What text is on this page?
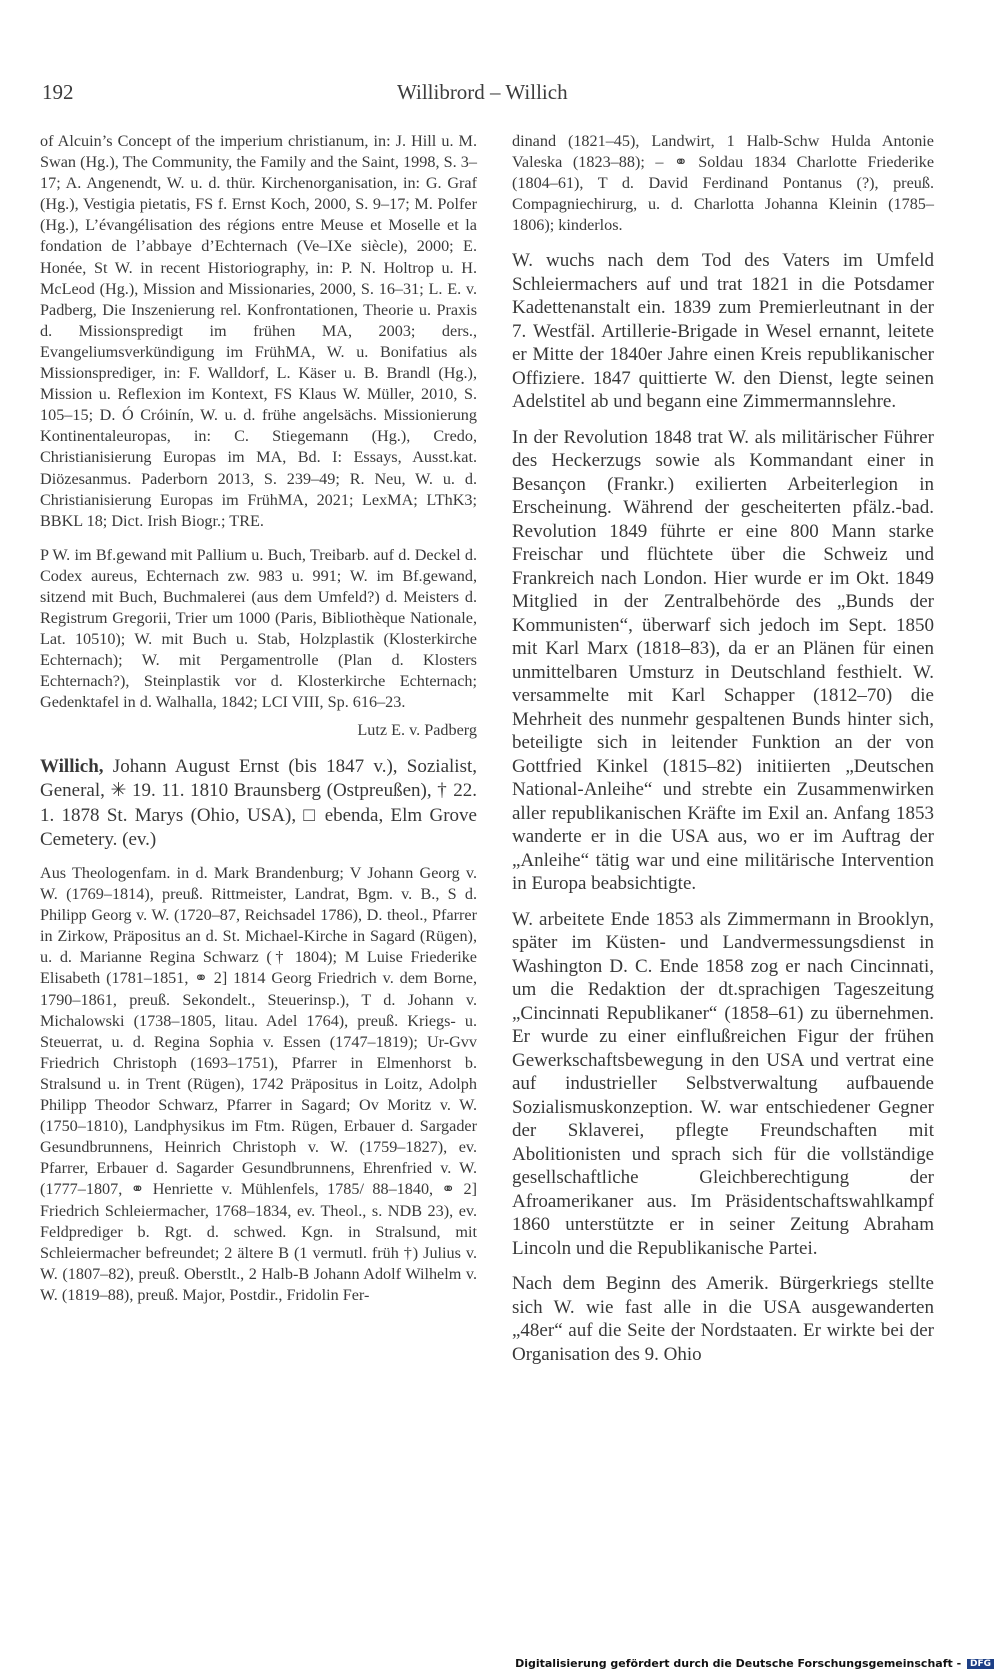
192	Willibrord – Willich

of Alcuin’s Concept of the imperium christianum, in: J. Hill u. M. Swan (Hg.), The Community, the Family and the Saint, 1998, S. 3–17; A. Angenendt, W. u. d. thür. Kirchenorganisation, in: G. Graf (Hg.), Vestigia pietatis, FS f. Ernst Koch, 2000, S. 9–17; M. Polfer (Hg.), L’évangélisation des régions entre Meuse et Moselle et la fondation de l’abbaye d’Echternach (Ve–IXe siècle), 2000; E. Honée, St W. in recent Historiography, in: P. N. Holtrop u. H. McLeod (Hg.), Mission and Missionaries, 2000, S. 16–31; L. E. v. Padberg, Die Inszenierung rel. Konfrontationen, Theorie u. Praxis d. Missionspredigt im frühen MA, 2003; ders., Evangeliumsverkündigung im FrühMA, W. u. Bonifatius als Missionsprediger, in: F. Walldorf, L. Käser u. B. Brandl (Hg.), Mission u. Reflexion im Kontext, FS Klaus W. Müller, 2010, S. 105–15; D. Ó Cróinín, W. u. d. frühe angelsächs. Missionierung Kontinentaleuropas, in: C. Stiegemann (Hg.), Credo, Christianisierung Europas im MA, Bd. I: Essays, Ausst.kat. Diözesanmus. Paderborn 2013, S. 239–49; R. Neu, W. u. d. Christianisierung Europas im FrühMA, 2021; LexMA; LThK3; BBKL 18; Dict. Irish Biogr.; TRE.

P W. im Bf.gewand mit Pallium u. Buch, Treibarb. auf d. Deckel d. Codex aureus, Echternach zw. 983 u. 991; W. im Bf.gewand, sitzend mit Buch, Buchmalerei (aus dem Umfeld?) d. Meisters d. Registrum Gregorii, Trier um 1000 (Paris, Bibliothèque Nationale, Lat. 10510); W. mit Buch u. Stab, Holzplastik (Klosterkirche Echternach); W. mit Pergamentrolle (Plan d. Klosters Echternach?), Steinplastik vor d. Klosterkirche Echternach; Gedenktafel in d. Walhalla, 1842; LCI VIII, Sp. 616–23.

Lutz E. v. Padberg

Willich, Johann August Ernst (bis 1847 v.), Sozialist, General, ✳ 19. 11. 1810 Braunsberg (Ostpreußen), † 22. 1. 1878 St. Marys (Ohio, USA), □ ebenda, Elm Grove Cemetery. (ev.)

Aus Theologenfam. in d. Mark Brandenburg; V Johann Georg v. W. (1769–1814), preuß. Rittmeister, Landrat, Bgm. v. B., S d. Philipp Georg v. W. (1720–87, Reichsadel 1786), D. theol., Pfarrer in Zirkow, Präpositus an d. St. Michael-Kirche in Sagard (Rügen), u. d. Marianne Regina Schwarz († 1804); M Luise Friederike Elisabeth (1781–1851, ⚭ 2] 1814 Georg Friedrich v. dem Borne, 1790–1861, preuß. Sekondelt., Steuerinsp.), T d. Johann v. Michalowski (1738–1805, litau. Adel 1764), preuß. Kriegs- u. Steuerrat, u. d. Regina Sophia v. Essen (1747–1819); Ur-Gvv Friedrich Christoph (1693–1751), Pfarrer in Elmenhorst b. Stralsund u. in Trent (Rügen), 1742 Präpositus in Loitz, Adolph Philipp Theodor Schwarz, Pfarrer in Sagard; Ov Moritz v. W. (1750–1810), Landphysikus im Ftm. Rügen, Erbauer d. Sargader Gesundbrunnens, Heinrich Christoph v. W. (1759–1827), ev. Pfarrer, Erbauer d. Sagarder Gesundbrunnens, Ehrenfried v. W. (1777–1807, ⚭ Henriette v. Mühlenfels, 1785/ 88–1840, ⚭ 2] Friedrich Schleiermacher, 1768–1834, ev. Theol., s. NDB 23), ev. Feldprediger b. Rgt. d. schwed. Kgn. in Stralsund, mit Schleiermacher befreundet; 2 ältere B (1 vermutl. früh †) Julius v. W. (1807–82), preuß. Oberstlt., 2 Halb-B Johann Adolf Wilhelm v. W. (1819–88), preuß. Major, Postdir., Fridolin Fer-

dinand (1821–45), Landwirt, 1 Halb-Schw Hulda Antonie Valeska (1823–88); – ⚭ Soldau 1834 Charlotte Friederike (1804–61), T d. David Ferdinand Pontanus (?), preuß. Compagniechirurg, u. d. Charlotta Johanna Kleinin (1785–1806); kinderlos.

W. wuchs nach dem Tod des Vaters im Umfeld Schleiermachers auf und trat 1821 in die Potsdamer Kadettenanstalt ein. 1839 zum Premierleutnant in der 7. Westfäl. Artillerie-Brigade in Wesel ernannt, leitete er Mitte der 1840er Jahre einen Kreis republikanischer Offiziere. 1847 quittierte W. den Dienst, legte seinen Adelstitel ab und begann eine Zimmermannslehre.

In der Revolution 1848 trat W. als militärischer Führer des Heckerzugs sowie als Kommandant einer in Besançon (Frankr.) exilierten Arbeiterlegion in Erscheinung. Während der gescheiterten pfälz.-bad. Revolution 1849 führte er eine 800 Mann starke Freischar und flüchtete über die Schweiz und Frankreich nach London. Hier wurde er im Okt. 1849 Mitglied in der Zentralbehörde des „Bunds der Kommunisten“, überwarf sich jedoch im Sept. 1850 mit Karl Marx (1818–83), da er an Plänen für einen unmittelbaren Umsturz in Deutschland festhielt. W. versammelte mit Karl Schapper (1812–70) die Mehrheit des nunmehr gespaltenen Bunds hinter sich, beteiligte sich in leitender Funktion an der von Gottfried Kinkel (1815–82) initiierten „Deutschen National-Anleihe“ und strebte ein Zusammenwirken aller republikanischen Kräfte im Exil an. Anfang 1853 wanderte er in die USA aus, wo er im Auftrag der „Anleihe“ tätig war und eine militärische Intervention in Europa beabsichtigte.

W. arbeitete Ende 1853 als Zimmermann in Brooklyn, später im Küsten- und Landvermessungsdienst in Washington D. C. Ende 1858 zog er nach Cincinnati, um die Redaktion der dt.sprachigen Tageszeitung „Cincinnati Republikaner“ (1858–61) zu übernehmen. Er wurde zu einer einflußreichen Figur der frühen Gewerkschaftsbewegung in den USA und vertrat eine auf industrieller Selbstverwaltung aufbauende Sozialismuskonzeption. W. war entschiedener Gegner der Sklaverei, pflegte Freundschaften mit Abolitionisten und sprach sich für die vollständige gesellschaftliche Gleichberechtigung der Afroamerikaner aus. Im Präsidentschaftswahlkampf 1860 unterstützte er in seiner Zeitung Abraham Lincoln und die Republikanische Partei.

Nach dem Beginn des Amerik. Bürgerkriegs stellte sich W. wie fast alle in die USA ausgewanderten „48er“ auf die Seite der Nordstaaten. Er wirkte bei der Organisation des 9. Ohio

Digitalisierung gefördert durch die Deutsche Forschungsgemeinschaft - DFG
